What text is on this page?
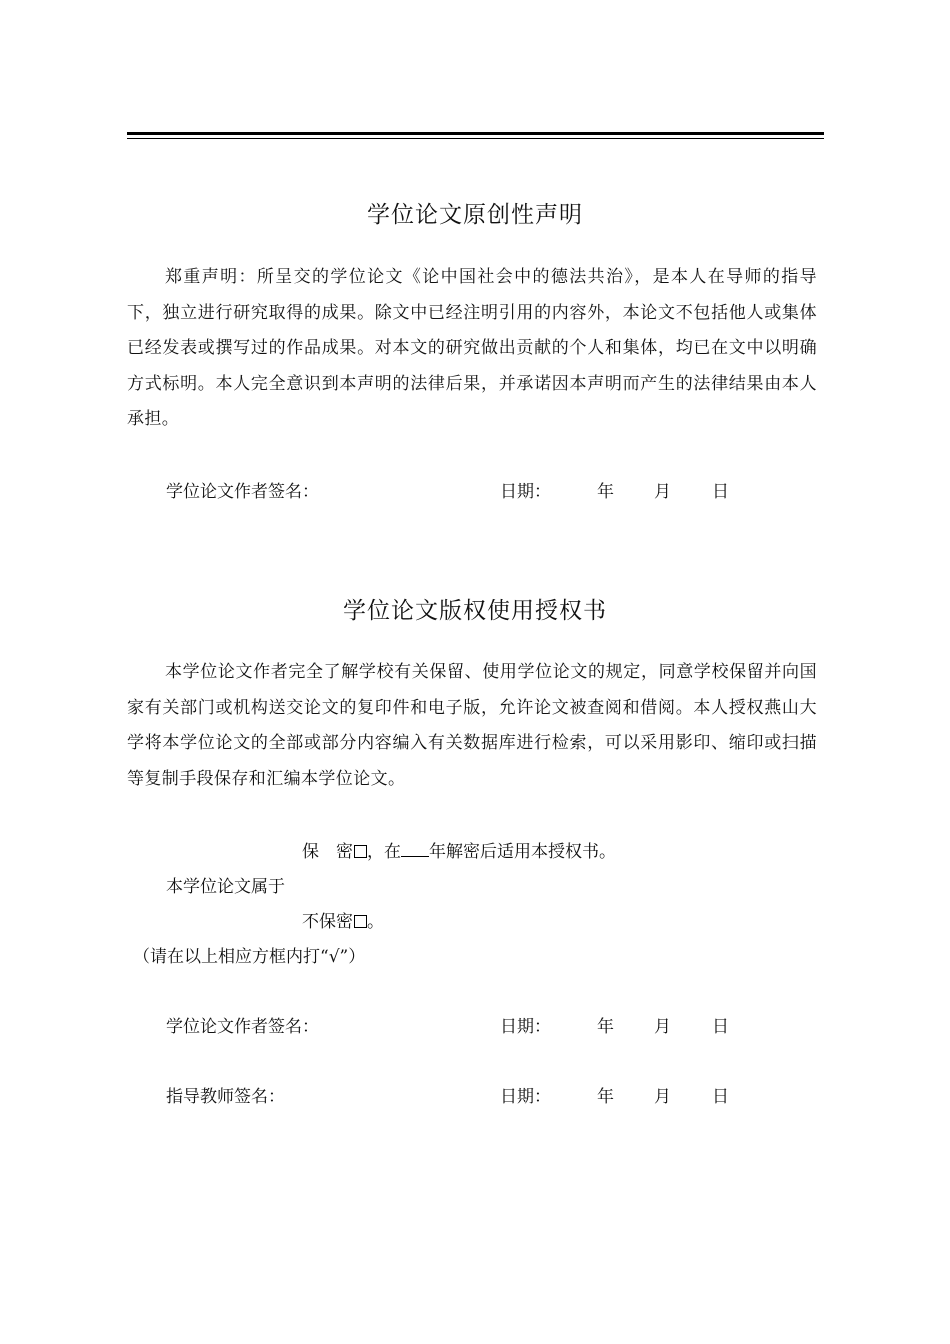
学位论文原创性声明

郑重声明：所呈交的学位论文《论中国社会中的德法共治》，是本人在导师的指导下，独立进行研究取得的成果。除文中已经注明引用的内容外，本论文不包括他人或集体已经发表或撰写过的作品成果。对本文的研究做出贡献的个人和集体，均已在文中以明确方式标明。本人完全意识到本声明的法律后果，并承诺因本声明而产生的法律结果由本人承担。

学位论文作者签名：	日期：	年 月 日
学位论文版权使用授权书

本学位论文作者完全了解学校有关保留、使用学位论文的规定，同意学校保留并向国家有关部门或机构送交论文的复印件和电子版，允许论文被查阅和借阅。本人授权燕山大学将本学位论文的全部或部分内容编入有关数据库进行检索，可以采用影印、缩印或扫描等复制手段保存和汇编本学位论文。

保　密 ，在 年解密后适用本授权书。
本学位论文属于
不保密 。
（请在以上相应方框内打“√”）
学位论文作者签名：	日期：	年 月 日
指导教师签名：	日期：	年 月 日
